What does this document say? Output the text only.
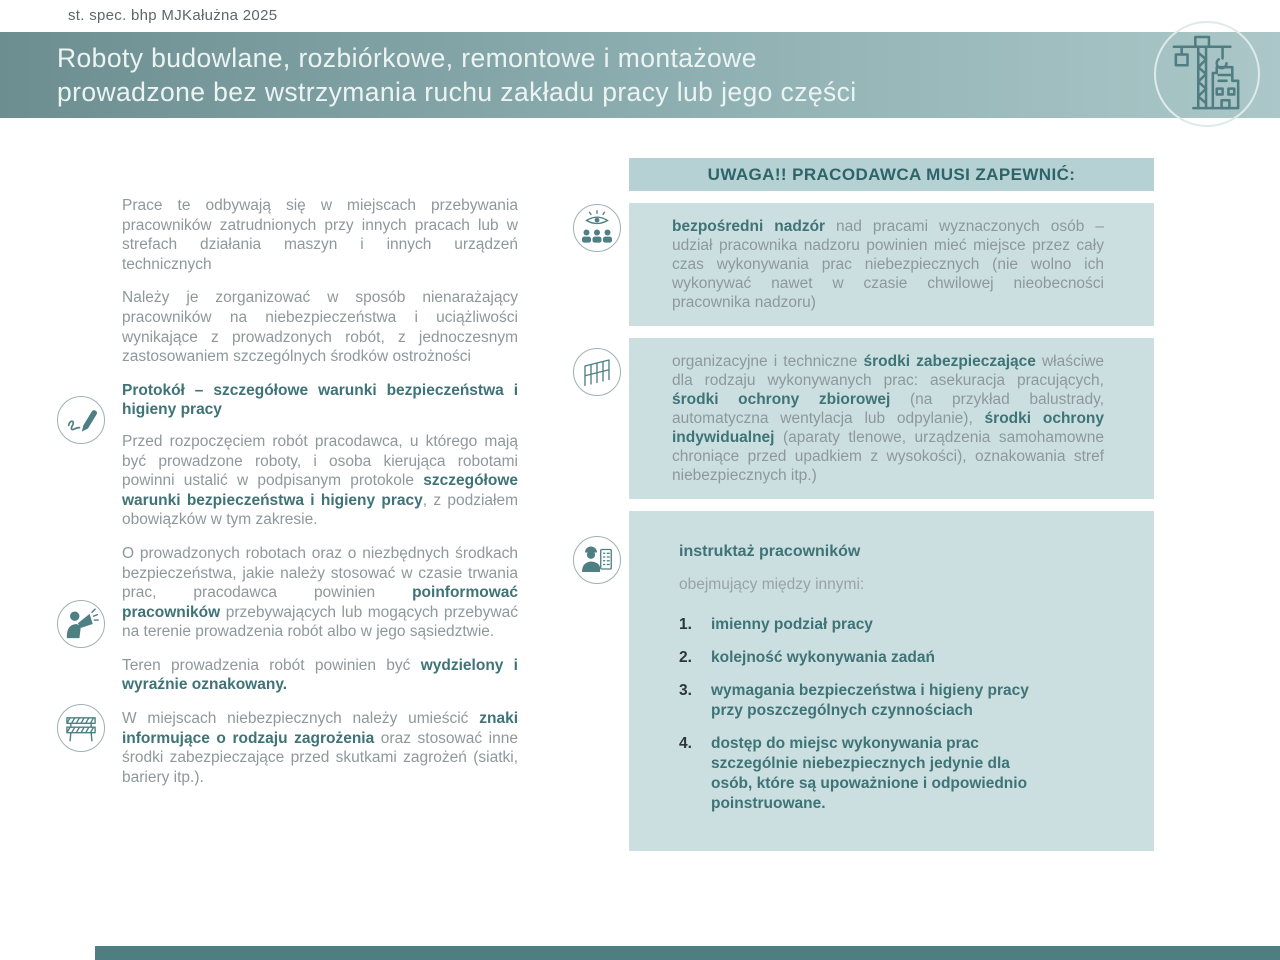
st. spec. bhp MJKałużna 2025
Roboty budowlane, rozbiórkowe, remontowe i montażowe
prowadzone bez wstrzymania ruchu zakładu pracy lub jego części

Prace te odbywają się w miejscach przebywania pracowników zatrudnionych przy innych pracach lub w strefach działania maszyn i innych urządzeń technicznych

Należy je zorganizować w sposób nienarażający pracowników na niebezpieczeństwa i uciążliwości wynikające z prowadzonych robót, z jednoczesnym zastosowaniem szczególnych środków ostrożności

Protokół – szczegółowe warunki bezpieczeństwa i higieny pracy

Przed rozpoczęciem robót pracodawca, u którego mają być prowadzone roboty, i osoba kierująca robotami powinni ustalić w podpisanym protokole szczegółowe warunki bezpieczeństwa i higieny pracy, z podziałem obowiązków w tym zakresie.

O prowadzonych robotach oraz o niezbędnych środkach bezpieczeństwa, jakie należy stosować w czasie trwania prac, pracodawca powinien poinformować pracowników przebywających lub mogących przebywać na terenie prowadzenia robót albo w jego sąsiedztwie.

Teren prowadzenia robót powinien być wydzielony i wyraźnie oznakowany.

W miejscach niebezpiecznych należy umieścić znaki informujące o rodzaju zagrożenia oraz stosować inne środki zabezpieczające przed skutkami zagrożeń (siatki, bariery itp.).

UWAGA!! PRACODAWCA MUSI ZAPEWNIĆ:
bezpośredni nadzór nad pracami wyznaczonych osób – udział pracownika nadzoru powinien mieć miejsce przez cały czas wykonywania prac niebezpiecznych (nie wolno ich wykonywać nawet w czasie chwilowej nieobecności pracownika nadzoru)
organizacyjne i techniczne środki zabezpieczające właściwe dla rodzaju wykonywanych prac: asekuracja pracujących, środki ochrony zbiorowej (na przykład balustrady, automatyczna wentylacja lub odpylanie), środki ochrony indywidualnej (aparaty tlenowe, urządzenia samohamowne chroniące przed upadkiem z wysokości), oznakowania stref niebezpiecznych itp.)
instruktaż pracowników
obejmujący między innymi:
1.	imienny podział pracy
2.	kolejność wykonywania zadań
3.	wymagania bezpieczeństwa i higieny pracy przy poszczególnych czynnościach
4.	dostęp do miejsc wykonywania prac szczególnie niebezpiecznych jedynie dla osób, które są upoważnione i odpowiednio poinstruowane.
